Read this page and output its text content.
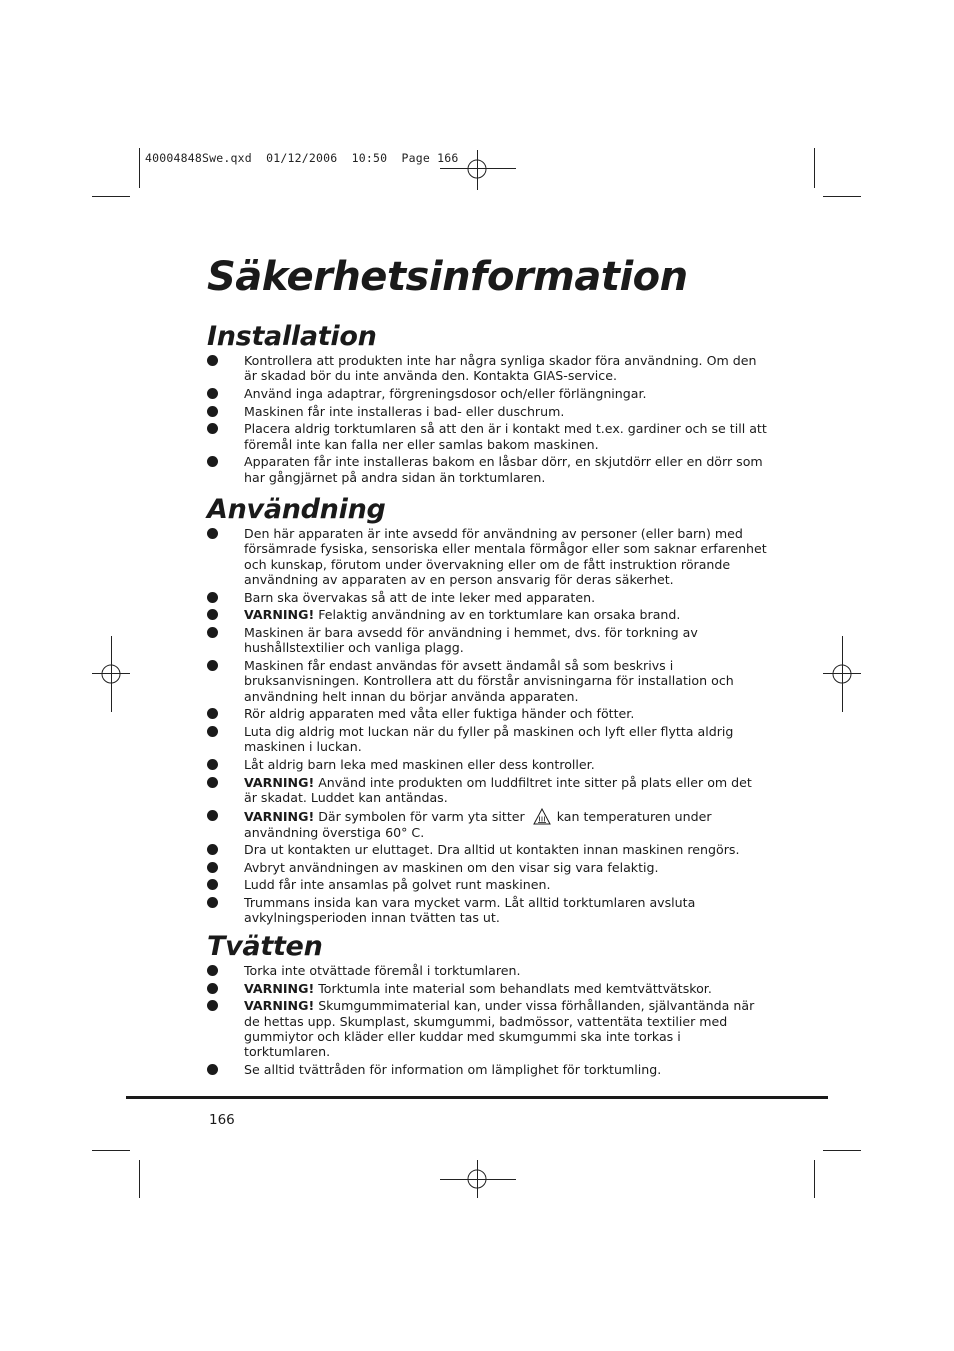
40004848Swe.qxd  01/12/2006  10:50  Page 166
Säkerhetsinformation
Installation
Kontrollera att produkten inte har några synliga skador föra användning. Om den är skadad bör du inte använda den. Kontakta GIAS-service.
Använd inga adaptrar, förgreningsdosor och/eller förlängningar.
Maskinen får inte installeras i bad- eller duschrum.
Placera aldrig torktumlaren så att den är i kontakt med t.ex. gardiner och se till att föremål inte kan falla ner eller samlas bakom maskinen.
Apparaten får inte installeras bakom en låsbar dörr, en skjutdörr eller en dörr som har gångjärnet på andra sidan än torktumlaren.
Användning
Den här apparaten är inte avsedd för användning av personer (eller barn) med försämrade fysiska, sensoriska eller mentala förmågor eller som saknar erfarenhet och kunskap, förutom under övervakning eller om de fått instruktion rörande användning av apparaten av en person ansvarig för deras säkerhet.
Barn ska övervakas så att de inte leker med apparaten.
VARNING! Felaktig användning av en torktumlare kan orsaka brand.
Maskinen är bara avsedd för användning i hemmet, dvs. för torkning av hushållstextilier och vanliga plagg.
Maskinen får endast användas för avsett ändamål så som beskrivs i bruksanvisningen. Kontrollera att du förstår anvisningarna för installation och användning helt innan du börjar använda apparaten.
Rör aldrig apparaten med våta eller fuktiga händer och fötter.
Luta dig aldrig mot luckan när du fyller på maskinen och lyft eller flytta aldrig maskinen i luckan.
Låt aldrig barn leka med maskinen eller dess kontroller.
VARNING! Använd inte produkten om luddfiltret inte sitter på plats eller om det är skadat. Luddet kan antändas.
VARNING! Där symbolen för varm yta sitter	kan temperaturen under användning överstiga 60° C.
Dra ut kontakten ur eluttaget. Dra alltid ut kontakten innan maskinen rengörs.
Avbryt användningen av maskinen om den visar sig vara felaktig.
Ludd får inte ansamlas på golvet runt maskinen.
Trummans insida kan vara mycket varm. Låt alltid torktumlaren avsluta avkylningsperioden innan tvätten tas ut.
Tvätten
Torka inte otvättade föremål i torktumlaren.
VARNING! Torktumla inte material som behandlats med kemtvättvätskor.
VARNING! Skumgummimaterial kan, under vissa förhållanden, självantända när de hettas upp. Skumplast, skumgummi, badmössor, vattentäta textilier med gummiytor och kläder eller kuddar med skumgummi ska inte torkas i torktumlaren.
Se alltid tvättråden för information om lämplighet för torktumling.
166
